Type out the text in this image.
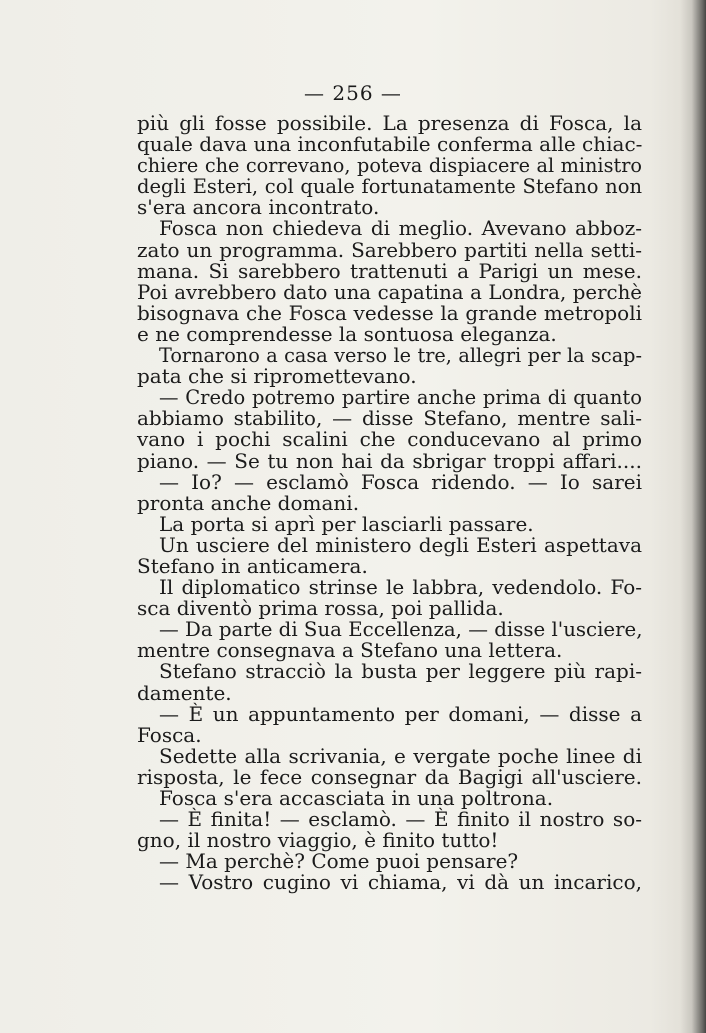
— 256 —
più gli fosse possibile. La presenza di Fosca, la
quale dava una inconfutabile conferma alle chiac-
chiere che correvano, poteva dispiacere al ministro
degli Esteri, col quale fortunatamente Stefano non
s'era ancora incontrato.
Fosca non chiedeva di meglio. Avevano abboz-
zato un programma. Sarebbero partiti nella setti-
mana. Si sarebbero trattenuti a Parigi un mese.
Poi avrebbero dato una capatina a Londra, perchè
bisognava che Fosca vedesse la grande metropoli
e ne comprendesse la sontuosa eleganza.
Tornarono a casa verso le tre, allegri per la scap-
pata che si ripromettevano.
— Credo potremo partire anche prima di quanto
abbiamo stabilito, — disse Stefano, mentre sali-
vano i pochi scalini che conducevano al primo
piano. — Se tu non hai da sbrigar troppi affari....
— Io? — esclamò Fosca ridendo. — Io sarei
pronta anche domani.
La porta si aprì per lasciarli passare.
Un usciere del ministero degli Esteri aspettava
Stefano in anticamera.
Il diplomatico strinse le labbra, vedendolo. Fo-
sca diventò prima rossa, poi pallida.
— Da parte di Sua Eccellenza, — disse l'usciere,
mentre consegnava a Stefano una lettera.
Stefano stracciò la busta per leggere più rapi-
damente.
— È un appuntamento per domani, — disse a
Fosca.
Sedette alla scrivania, e vergate poche linee di
risposta, le fece consegnar da Bagigi all'usciere.
Fosca s'era accasciata in una poltrona.
— È finita! — esclamò. — È finito il nostro so-
gno, il nostro viaggio, è finito tutto!
— Ma perchè? Come puoi pensare?
— Vostro cugino vi chiama, vi dà un incarico,
